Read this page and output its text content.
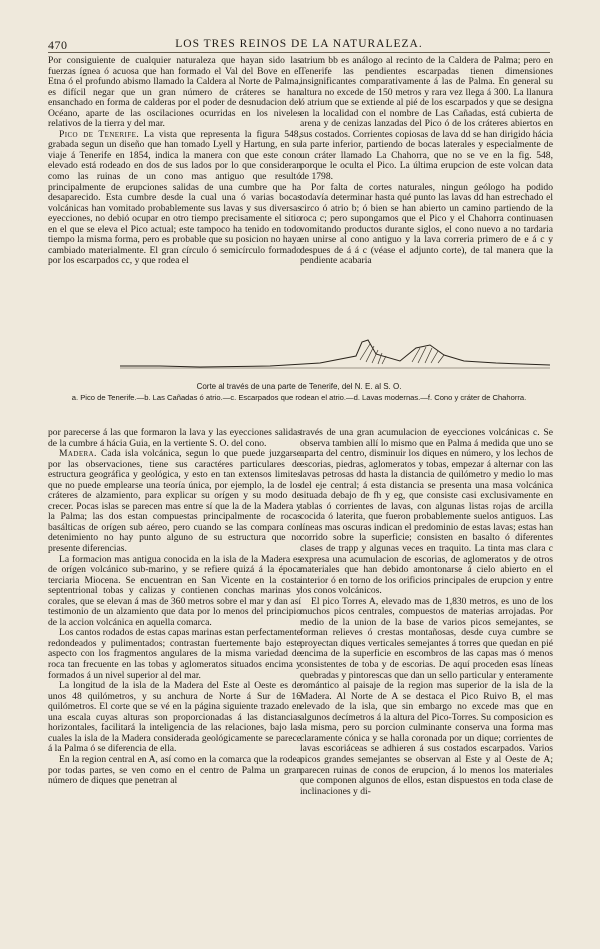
470	LOS TRES REINOS DE LA NATURALEZA.

Por consiguiente de cualquier naturaleza que hayan sido las fuerzas ígnea ó acuosa que han formado el Val del Bove en el Etna ó el profundo abismo llamado la Caldera al Norte de Palma, es difícil negar que un gran número de cráteres se han ensanchado en forma de calderas por el poder de desnudacion del Océano, aparte de las oscilaciones ocurridas en los niveles relativos de la tierra y del mar.

Pico de Tenerife. La vista que representa la figura 548, grabada segun un diseño que han tomado Lyell y Hartung, en su viaje á Tenerife en 1854, indica la manera con que este cono elevado está rodeado en dos de sus lados por lo que consideran como las ruinas de un cono mas antiguo que resultó principalmente de erupciones salidas de una cumbre que ha desaparecido. Esta cumbre desde la cual una ó varias bocas volcánicas han vomitado probablemente sus lavas y sus diversas eyecciones, no debió ocupar en otro tiempo precisamente el sitio en el que se eleva el Pico actual; este tampoco ha tenido en todo tiempo la misma forma, pero es probable que su posicion no haya cambiado materialmente. El gran círculo ó semicírculo formado por los escarpados cc, y que rodea el

atrium bb es análogo al recinto de la Caldera de Palma; pero en Tenerife las pendientes escarpadas tienen dimensiones insignificantes comparativamente á las de Palma. En general su altura no excede de 150 metros y rara vez llega á 300. La llanura ó atrium que se extiende al pié de los escarpados y que se designa en la localidad con el nombre de Las Cañadas, está cubierta de arena y de cenizas lanzadas del Pico ó de los cráteres abiertos en sus costados. Corrientes copiosas de lava dd se han dirigido hácia la parte inferior, partiendo de bocas laterales y especialmente de un cráter llamado La Chahorra, que no se ve en la fig. 548, porque le oculta el Pico. La última erupcion de este volcan data de 1798.

Por falta de cortes naturales, ningun geólogo ha podido todavía determinar hasta qué punto las lavas dd han estrechado el circo ó atrio b; ó bien se han abierto un camino partiendo de la roca c; pero supongamos que el Pico y el Chahorra continuasen vomitando productos durante siglos, el cono nuevo a no tardaria en unirse al cono antiguo y la lava correria primero de e á c y despues de á á c (véase el adjunto corte), de tal manera que la pendiente acabaria

Corte al través de una parte de Tenerife, del N. E. al S. O.
a. Pico de Tenerife.—b. Las Cañadas ó atrio.—c. Escarpados que rodean el atrio.—d. Lavas modernas.—f. Cono y cráter de Chahorra.

por parecerse á las que formaron la lava y las eyecciones salidas de la cumbre á hácia Guia, en la vertiente S. O. del cono.

Madera. Cada isla volcánica, segun lo que puede juzgarse por las observaciones, tiene sus caractéres particulares de estructura geográfica y geológica, y esto en tan extensos limites que no puede emplearse una teoría única, por ejemplo, la de los cráteres de alzamiento, para explicar su orígen y su modo de crecer. Pocas islas se parecen mas entre sí que la de la Madera y la Palma; las dos estan compuestas principalmente de rocas basálticas de orígen sub aéreo, pero cuando se las compara con detenimiento no hay punto alguno de su estructura que no presente diferencias.

La formacion mas antigua conocida en la isla de la Madera es de orígen volcánico sub-marino, y se refiere quizá á la época terciaria Miocena. Se encuentran en San Vicente en la costa septentrional tobas y calizas y contienen conchas marinas y corales, que se elevan á mas de 360 metros sobre el mar y dan así testimonio de un alzamiento que data por lo menos del principio de la accion volcánica en aquella comarca.

Los cantos rodados de estas capas marinas estan perfectamente redondeados y pulimentados; contrastan fuertemente bajo este aspecto con los fragmentos angulares de la misma variedad de roca tan frecuente en las tobas y aglomeratos situados encima y formados á un nivel superior al del mar.

La longitud de la isla de la Madera del Este al Oeste es de unos 48 quilómetros, y su anchura de Norte á Sur de 16 quilómetros. El corte que se vé en la página siguiente trazado en una escala cuyas alturas son proporcionadas á las distancias horizontales, facilitará la inteligencia de las relaciones, bajo las cuales la isla de la Madera considerada geológicamente se parece á la Palma ó se diferencia de ella.

En la region central en A, así como en la comarca que la rodea por todas partes, se ven como en el centro de Palma un gran número de diques que penetran al

través de una gran acumulacion de eyecciones volcánicas c. Se observa tambien allí lo mismo que en Palma á medida que uno se aparta del centro, disminuir los diques en número, y los lechos de escorias, piedras, aglomeratos y tobas, empezar á alternar con las lavas petrosas dd hasta la distancia de quilómetro y medio lo mas del eje central; á esta distancia se presenta una masa volcánica situada debajo de fh y eg, que consiste casi exclusivamente en tablas ó corrientes de lavas, con algunas listas rojas de arcilla cocida ó laterita, que fueron probablemente suelos antiguos. Las líneas mas oscuras indican el predominio de estas lavas; estas han corrido sobre la superficie; consisten en basalto ó diferentes clases de trapp y algunas veces en traquito. La tinta mas clara c expresa una acumulacion de escorias, de aglomeratos y de otros materiales que han debido amontonarse á cielo abierto en el interior ó en torno de los orificios principales de erupcion y entre los conos volcánicos.

El pico Torres A, elevado mas de 1,830 metros, es uno de los muchos picos centrales, compuestos de materias arrojadas. Por medio de la union de la base de varios picos semejantes, se forman relieves ó crestas montañosas, desde cuya cumbre se proyectan diques verticales semejantes á torres que quedan en pié encima de la superficie en escombros de las capas mas ó menos consistentes de toba y de escorias. De aquí proceden esas líneas quebradas y pintorescas que dan un sello particular y enteramente romántico al paisaje de la region mas superior de la isla de la Madera. Al Norte de A se destaca el Pico Ruivo B, el mas elevado de la isla, que sin embargo no excede mas que en algunos decímetros á la altura del Pico-Torres. Su composicion es la misma, pero su porcion culminante conserva una forma mas claramente cónica y se halla coronada por un dique; corrientes de lavas escoriáceas se adhieren á sus costados escarpados. Varios picos grandes semejantes se observan al Este y al Oeste de A; parecen ruinas de conos de erupcion, á lo menos los materiales que componen algunos de ellos, estan dispuestos en toda clase de inclinaciones y di-
